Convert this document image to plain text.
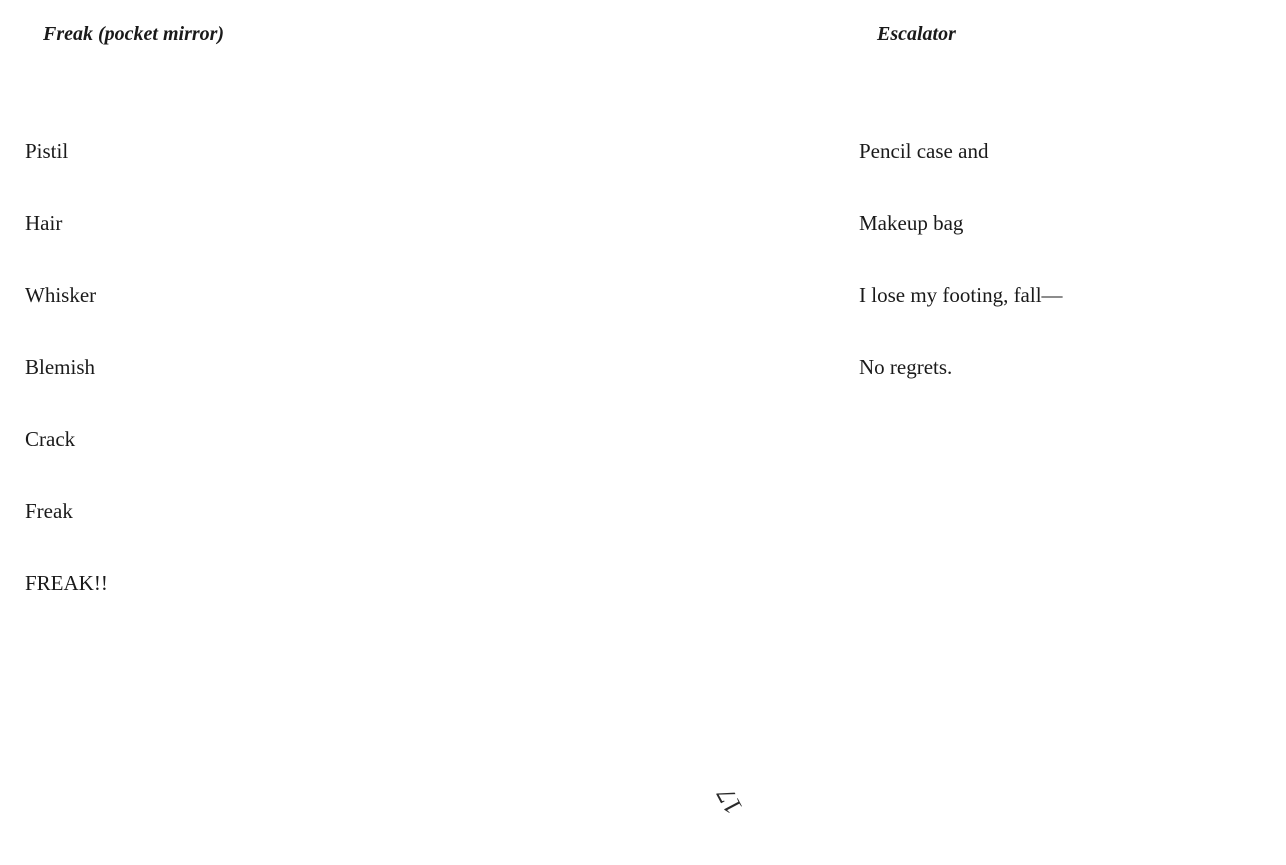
Freak (pocket mirror)

Pistil

Hair

Whisker

Blemish

Crack

Freak

FREAK!!

Escalator

Pencil case and

Makeup bag

I lose my footing, fall—

No regrets.

17
